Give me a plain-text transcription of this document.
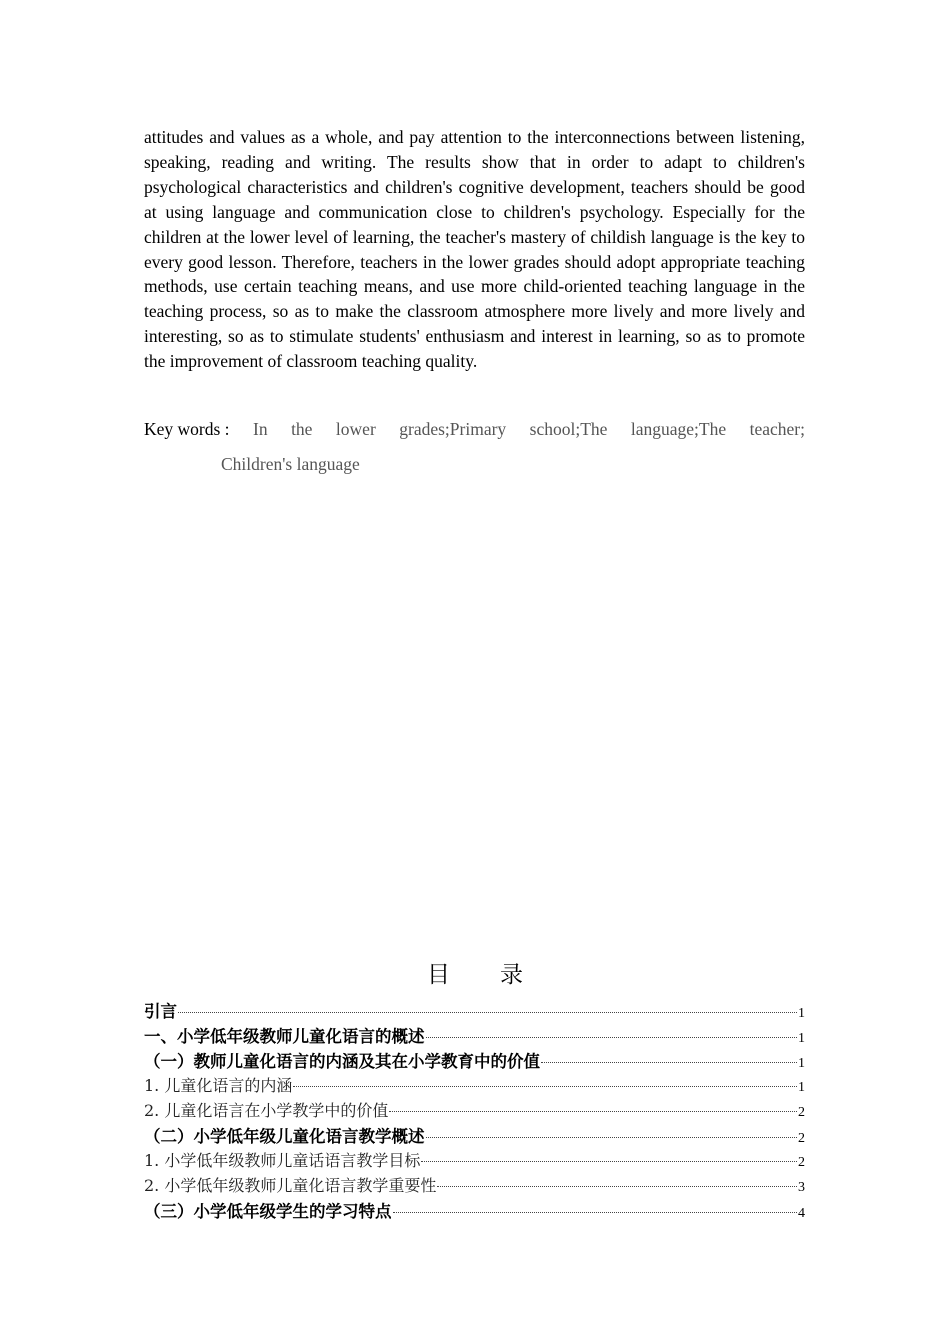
attitudes and values as a whole, and pay attention to the interconnections between listening, speaking, reading and writing. The results show that in order to adapt to children's psychological characteristics and children's cognitive development, teachers should be good at using language and communication close to children's psychology. Especially for the children at the lower level of learning, the teacher's mastery of childish language is the key to every good lesson. Therefore, teachers in the lower grades should adopt appropriate teaching methods, use certain teaching means, and use more child-oriented teaching language in the teaching process, so as to make the classroom atmosphere more lively and more lively and interesting, so as to stimulate students' enthusiasm and interest in learning, so as to promote the improvement of classroom teaching quality.

Key words : In the lower grades;Primary school;The language;The teacher;
Children's language
目 录
引言	1
一、小学低年级教师儿童化语言的概述	1
（一）教师儿童化语言的内涵及其在小学教育中的价值	1
1. 儿童化语言的内涵	1
2. 儿童化语言在小学教学中的价值	2
（二）小学低年级儿童化语言教学概述	2
1. 小学低年级教师儿童话语言教学目标	2
2. 小学低年级教师儿童化语言教学重要性	3
（三）小学低年级学生的学习特点	4
